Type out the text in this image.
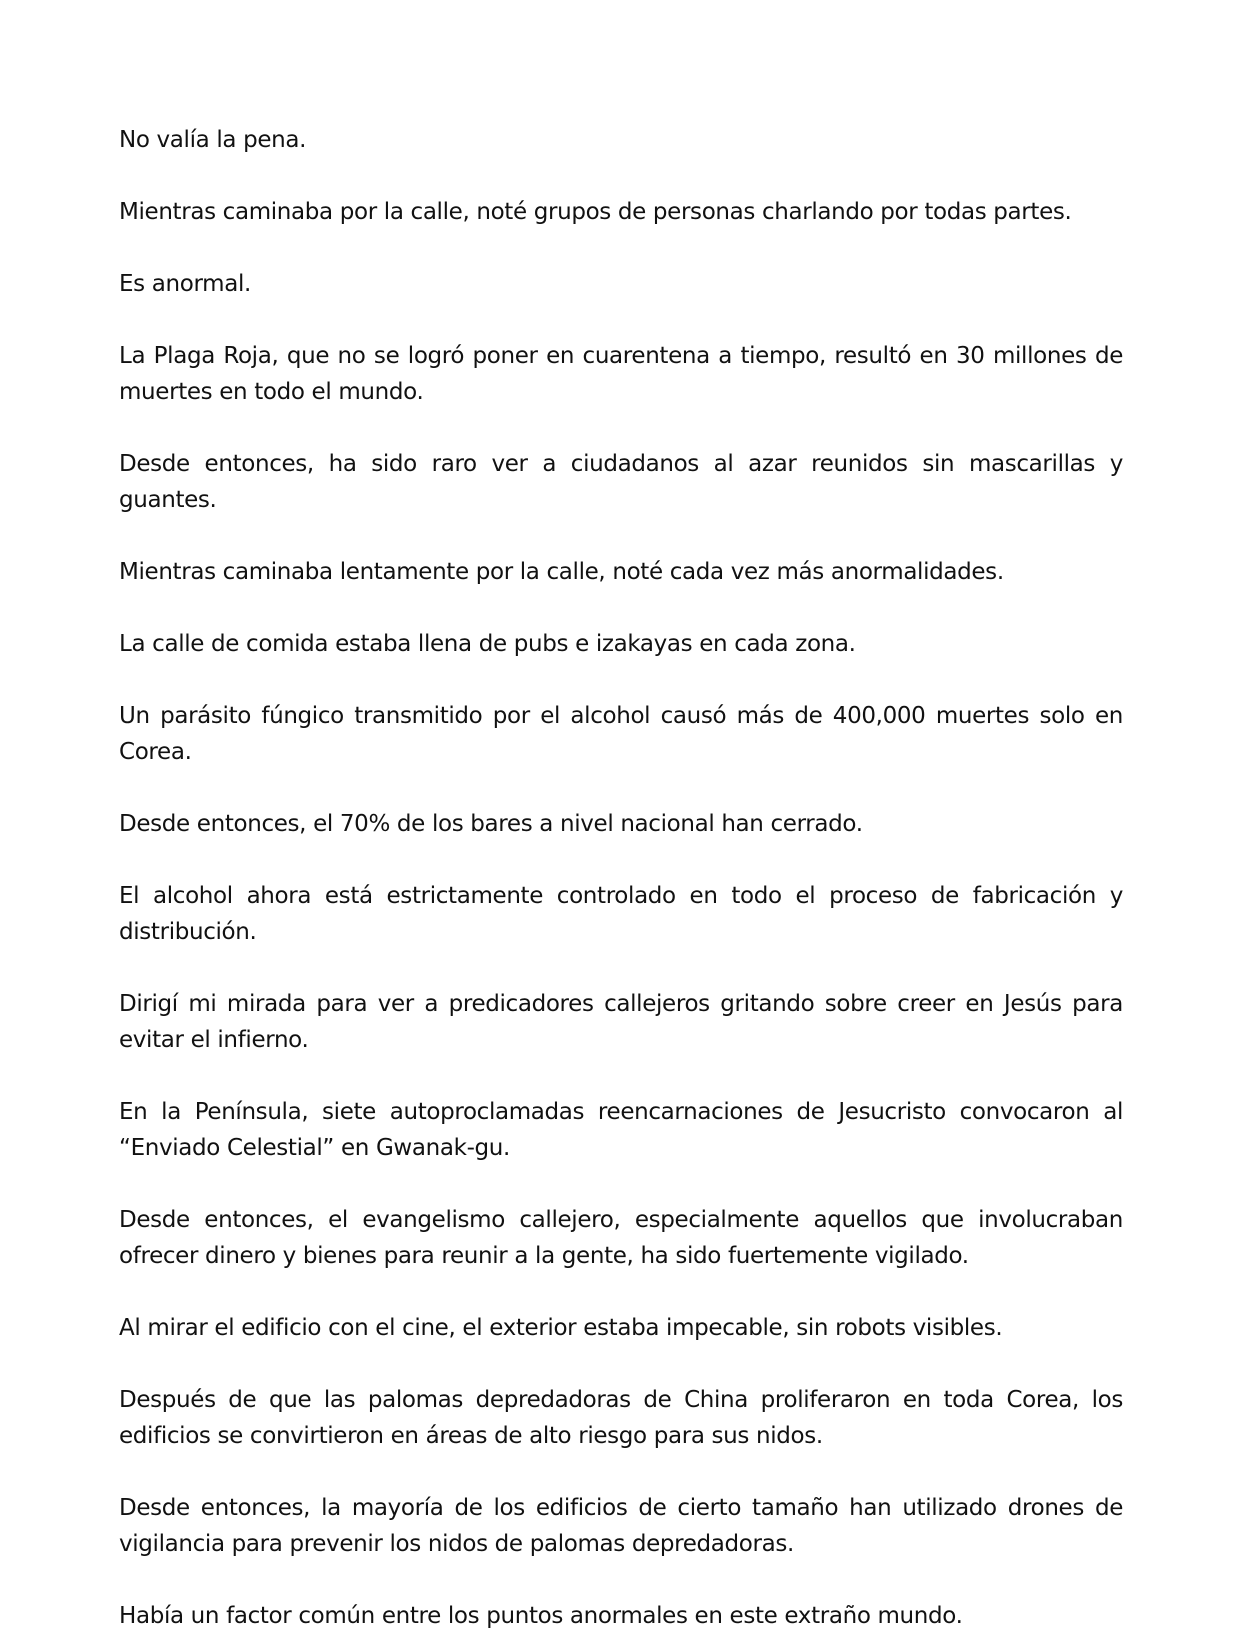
No valía la pena.

Mientras caminaba por la calle, noté grupos de personas charlando por todas partes.

Es anormal.

La Plaga Roja, que no se logró poner en cuarentena a tiempo, resultó en 30 millones de muertes en todo el mundo.

Desde entonces, ha sido raro ver a ciudadanos al azar reunidos sin mascarillas y guantes.

Mientras caminaba lentamente por la calle, noté cada vez más anormalidades.

La calle de comida estaba llena de pubs e izakayas en cada zona.

Un parásito fúngico transmitido por el alcohol causó más de 400,000 muertes solo en Corea.

Desde entonces, el 70% de los bares a nivel nacional han cerrado.

El alcohol ahora está estrictamente controlado en todo el proceso de fabricación y distribución.

Dirigí mi mirada para ver a predicadores callejeros gritando sobre creer en Jesús para evitar el infierno.

En la Península, siete autoproclamadas reencarnaciones de Jesucristo convocaron al “Enviado Celestial” en Gwanak-gu.

Desde entonces, el evangelismo callejero, especialmente aquellos que involucraban ofrecer dinero y bienes para reunir a la gente, ha sido fuertemente vigilado.

Al mirar el edificio con el cine, el exterior estaba impecable, sin robots visibles.

Después de que las palomas depredadoras de China proliferaron en toda Corea, los edificios se convirtieron en áreas de alto riesgo para sus nidos.

Desde entonces, la mayoría de los edificios de cierto tamaño han utilizado drones de vigilancia para prevenir los nidos de palomas depredadoras.

Había un factor común entre los puntos anormales en este extraño mundo.
